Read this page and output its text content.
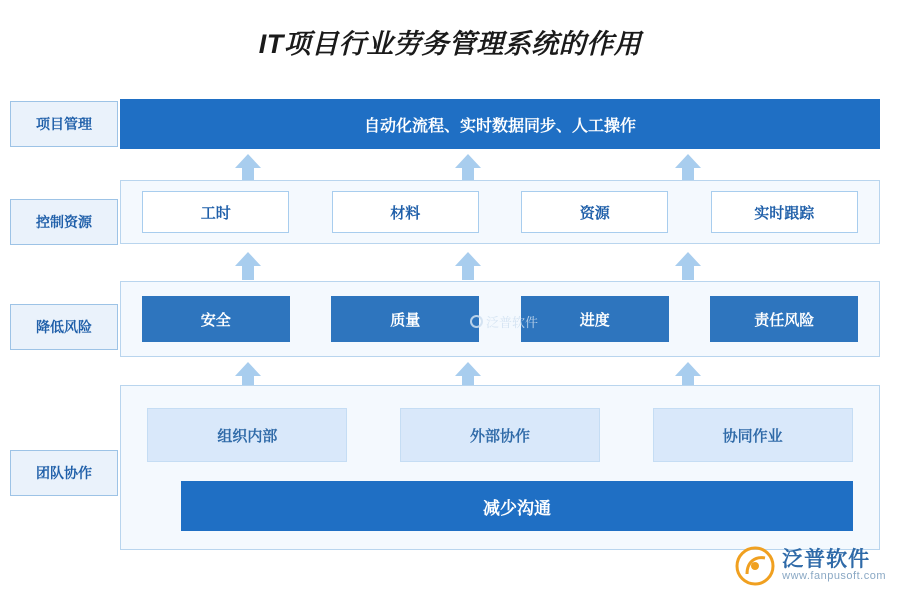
IT项目行业劳务管理系统的作用
项目管理
控制资源
降低风险
团队协作
自动化流程、实时数据同步、人工操作
工时	材料	资源	实时跟踪
安全	质量	进度	责任风险
泛普软件
组织内部	外部协作	协同作业
减少沟通
泛普软件
www.fanpusoft.com
